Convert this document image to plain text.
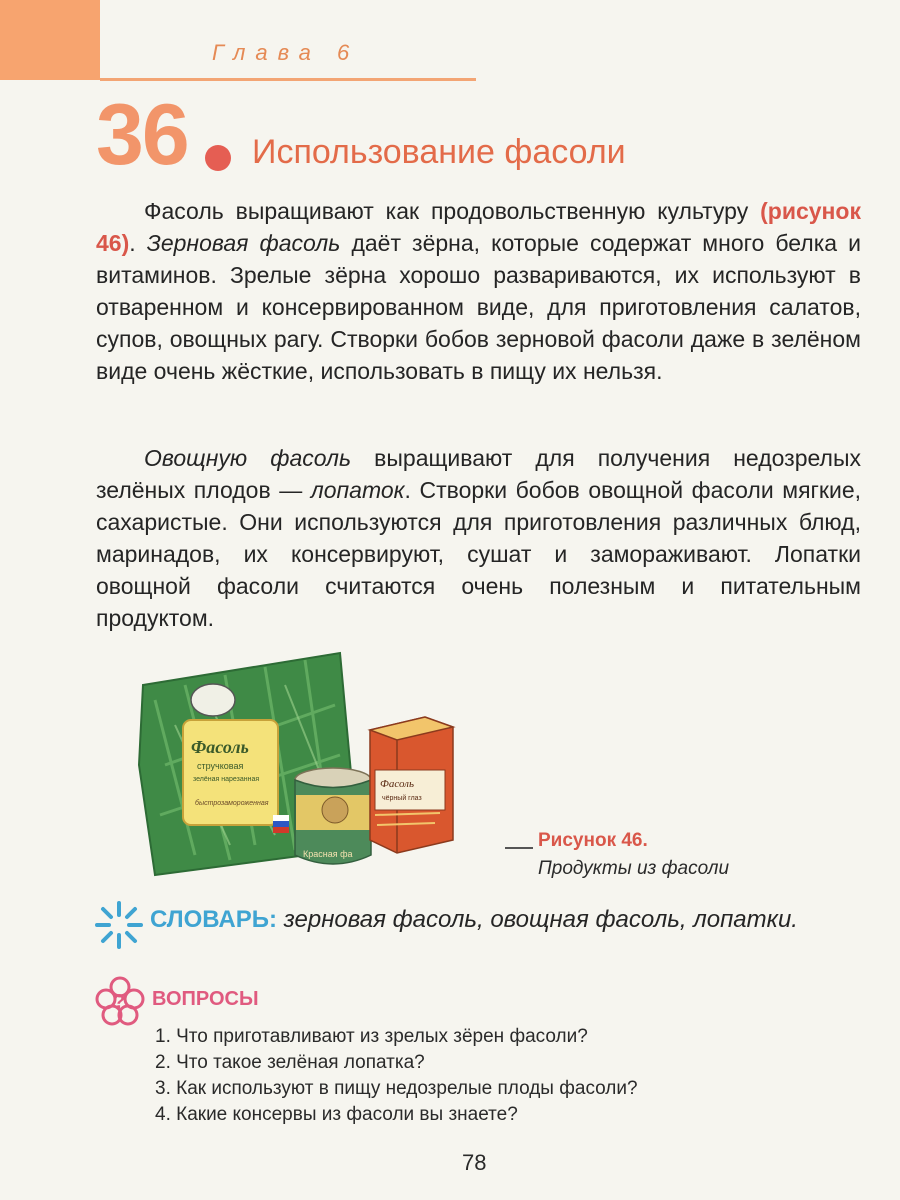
Глава 6
36 Использование фасоли

Фасоль выращивают как продовольственную культуру (рисунок 46). Зерновая фасоль даёт зёрна, которые содержат много белка и витаминов. Зрелые зёрна хорошо развариваются, их используют в отваренном и консервированном виде, для приготовления салатов, супов, овощных рагу. Створки бобов зерновой фасоли даже в зелёном виде очень жёсткие, использовать в пищу их нельзя.

Овощную фасоль выращивают для получения недозрелых зелёных плодов — лопаток. Створки бобов овощной фасоли мягкие, сахаристые. Они используются для приготовления различных блюд, маринадов, их консервируют, сушат и замораживают. Лопатки овощной фасоли считаются очень полезным и питательным продуктом.

Фасоль
стручковая
зелёная нарезанная
быстрозамороженная
Красная фа
Фасоль
чёрный глаз
Рисунок 46.
Продукты из фасоли
СЛОВАРЬ: зерновая фасоль, овощная фасоль, лопатки.
? ВОПРОСЫ
1. Что приготавливают из зрелых зёрен фасоли?
2. Что такое зелёная лопатка?
3. Как используют в пищу недозрелые плоды фасоли?
4. Какие консервы из фасоли вы знаете?
78
